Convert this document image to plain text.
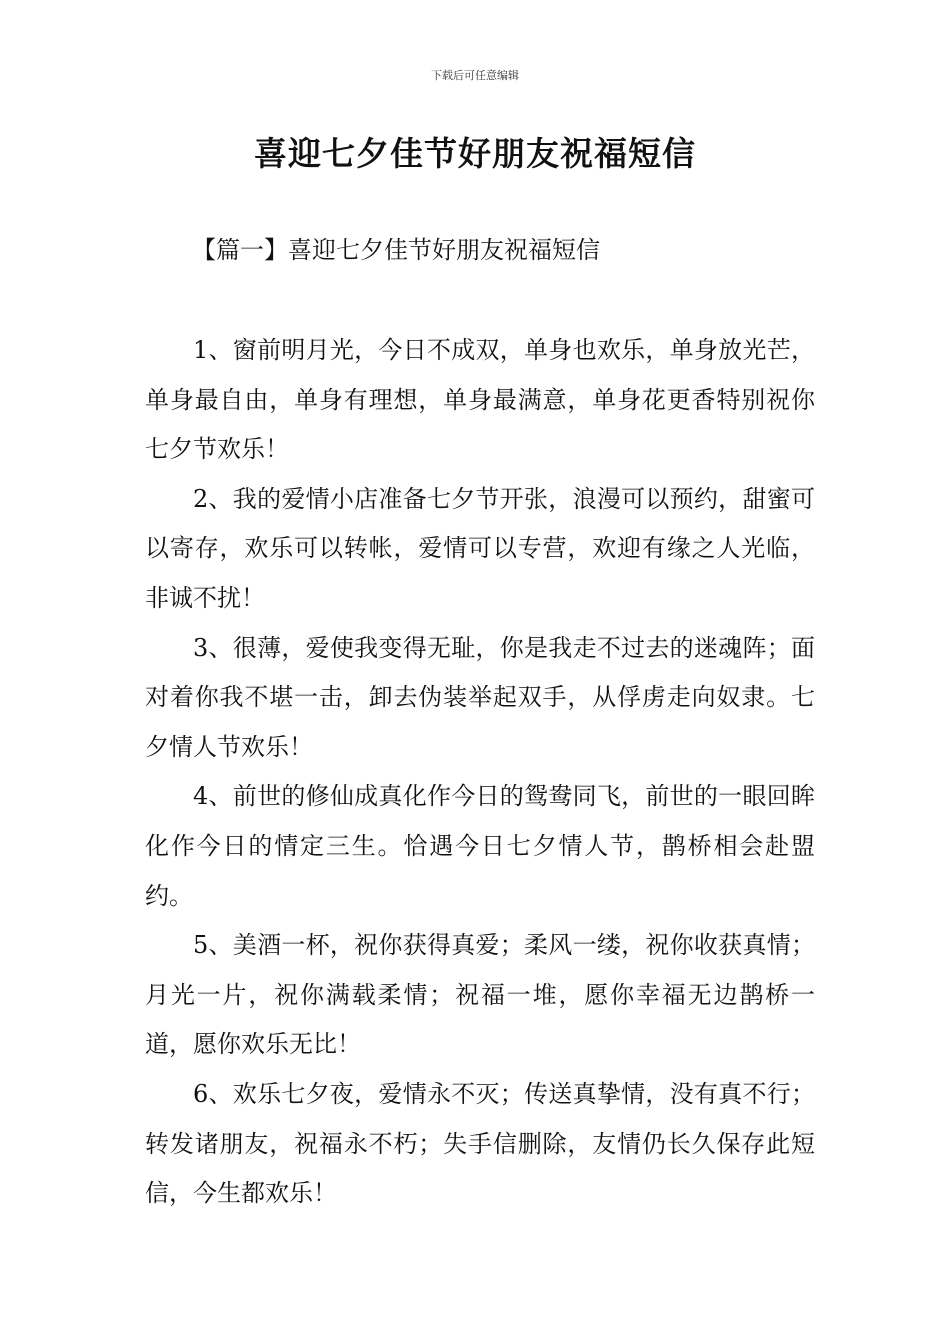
下载后可任意编辑
喜迎七夕佳节好朋友祝福短信
【篇一】喜迎七夕佳节好朋友祝福短信

1、窗前明月光，今日不成双，单身也欢乐，单身放光芒，单身最自由，单身有理想，单身最满意，单身花更香特别祝你七夕节欢乐！

2、我的爱情小店准备七夕节开张，浪漫可以预约，甜蜜可以寄存，欢乐可以转帐，爱情可以专营，欢迎有缘之人光临，非诚不扰！

3、很薄，爱使我变得无耻，你是我走不过去的迷魂阵；面对着你我不堪一击，卸去伪装举起双手，从俘虏走向奴隶。七夕情人节欢乐！

4、前世的修仙成真化作今日的鸳鸯同飞，前世的一眼回眸化作今日的情定三生。恰遇今日七夕情人节，鹊桥相会赴盟约。

5、美酒一杯，祝你获得真爱；柔风一缕，祝你收获真情；月光一片，祝你满载柔情；祝福一堆，愿你幸福无边鹊桥一道，愿你欢乐无比！

6、欢乐七夕夜，爱情永不灭；传送真挚情，没有真不行；转发诸朋友，祝福永不朽；失手信删除，友情仍长久保存此短信，今生都欢乐！
